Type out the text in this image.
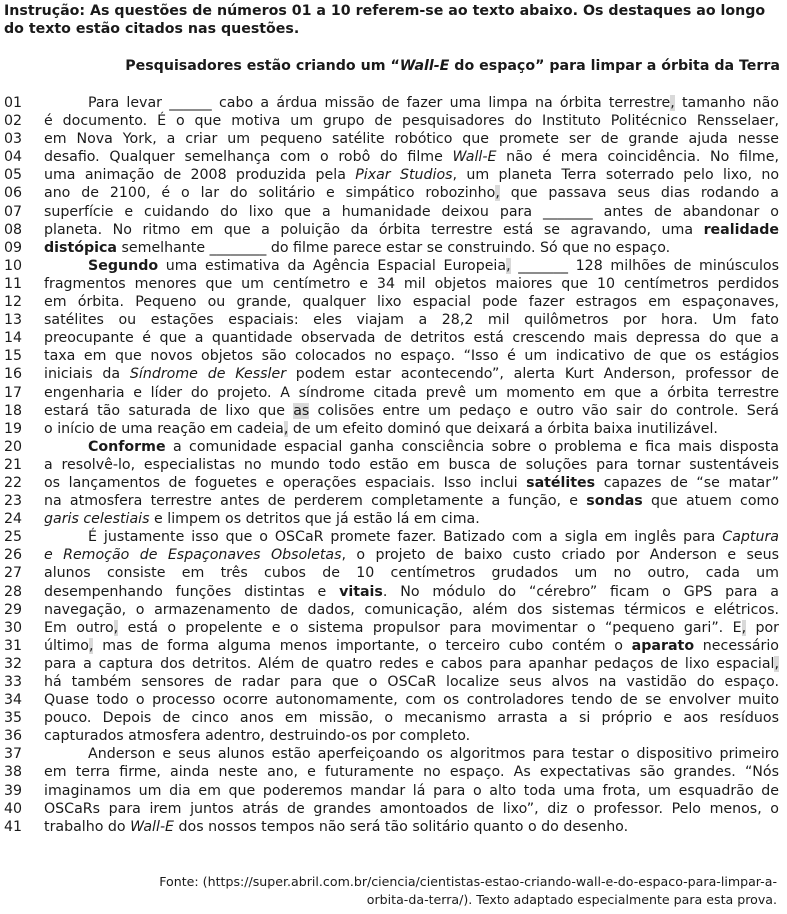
Instrução: As questões de números 01 a 10 referem-se ao texto abaixo. Os destaques ao longo do texto estão citados nas questões.
Pesquisadores estão criando um “Wall-E do espaço” para limpar a órbita da Terra
01	Para levar ______ cabo a árdua missão de fazer uma limpa na órbita terrestre, tamanho não
02	é documento. É o que motiva um grupo de pesquisadores do Instituto Politécnico Rensselaer,
03	em Nova York, a criar um pequeno satélite robótico que promete ser de grande ajuda nesse
04	desafio. Qualquer semelhança com o robô do filme Wall-E não é mera coincidência. No filme,
05	uma animação de 2008 produzida pela Pixar Studios, um planeta Terra soterrado pelo lixo, no
06	ano de 2100, é o lar do solitário e simpático robozinho, que passava seus dias rodando a
07	superfície e cuidando do lixo que a humanidade deixou para _______ antes de abandonar o
08	planeta. No ritmo em que a poluição da órbita terrestre está se agravando, uma realidade
09	distópica semelhante ________ do filme parece estar se construindo. Só que no espaço.
10	Segundo uma estimativa da Agência Espacial Europeia, _______ 128 milhões de minúsculos
11	fragmentos menores que um centímetro e 34 mil objetos maiores que 10 centímetros perdidos
12	em órbita. Pequeno ou grande, qualquer lixo espacial pode fazer estragos em espaçonaves,
13	satélites ou estações espaciais: eles viajam a 28,2 mil quilômetros por hora. Um fato
14	preocupante é que a quantidade observada de detritos está crescendo mais depressa do que a
15	taxa em que novos objetos são colocados no espaço. “Isso é um indicativo de que os estágios
16	iniciais da Síndrome de Kessler podem estar acontecendo”, alerta Kurt Anderson, professor de
17	engenharia e líder do projeto. A síndrome citada prevê um momento em que a órbita terrestre
18	estará tão saturada de lixo que as colisões entre um pedaço e outro vão sair do controle. Será
19	o início de uma reação em cadeia, de um efeito dominó que deixará a órbita baixa inutilizável.
20	Conforme a comunidade espacial ganha consciência sobre o problema e fica mais disposta
21	a resolvê-lo, especialistas no mundo todo estão em busca de soluções para tornar sustentáveis
22	os lançamentos de foguetes e operações espaciais. Isso inclui satélites capazes de “se matar”
23	na atmosfera terrestre antes de perderem completamente a função, e sondas que atuem como
24	garis celestiais e limpem os detritos que já estão lá em cima.
25	É justamente isso que o OSCaR promete fazer. Batizado com a sigla em inglês para Captura
26	e Remoção de Espaçonaves Obsoletas, o projeto de baixo custo criado por Anderson e seus
27	alunos consiste em três cubos de 10 centímetros grudados um no outro, cada um
28	desempenhando funções distintas e vitais. No módulo do “cérebro” ficam o GPS para a
29	navegação, o armazenamento de dados, comunicação, além dos sistemas térmicos e elétricos.
30	Em outro, está o propelente e o sistema propulsor para movimentar o “pequeno gari”. E, por
31	último, mas de forma alguma menos importante, o terceiro cubo contém o aparato necessário
32	para a captura dos detritos. Além de quatro redes e cabos para apanhar pedaços de lixo espacial,
33	há também sensores de radar para que o OSCaR localize seus alvos na vastidão do espaço.
34	Quase todo o processo ocorre autonomamente, com os controladores tendo de se envolver muito
35	pouco. Depois de cinco anos em missão, o mecanismo arrasta a si próprio e aos resíduos
36	capturados atmosfera adentro, destruindo-os por completo.
37	Anderson e seus alunos estão aperfeiçoando os algoritmos para testar o dispositivo primeiro
38	em terra firme, ainda neste ano, e futuramente no espaço. As expectativas são grandes. “Nós
39	imaginamos um dia em que poderemos mandar lá para o alto toda uma frota, um esquadrão de
40	OSCaRs para irem juntos atrás de grandes amontoados de lixo”, diz o professor. Pelo menos, o
41	trabalho do Wall-E dos nossos tempos não será tão solitário quanto o do desenho.
Fonte: (https://super.abril.com.br/ciencia/cientistas-estao-criando-wall-e-do-espaco-para-limpar-a-
orbita-da-terra/). Texto adaptado especialmente para esta prova.
